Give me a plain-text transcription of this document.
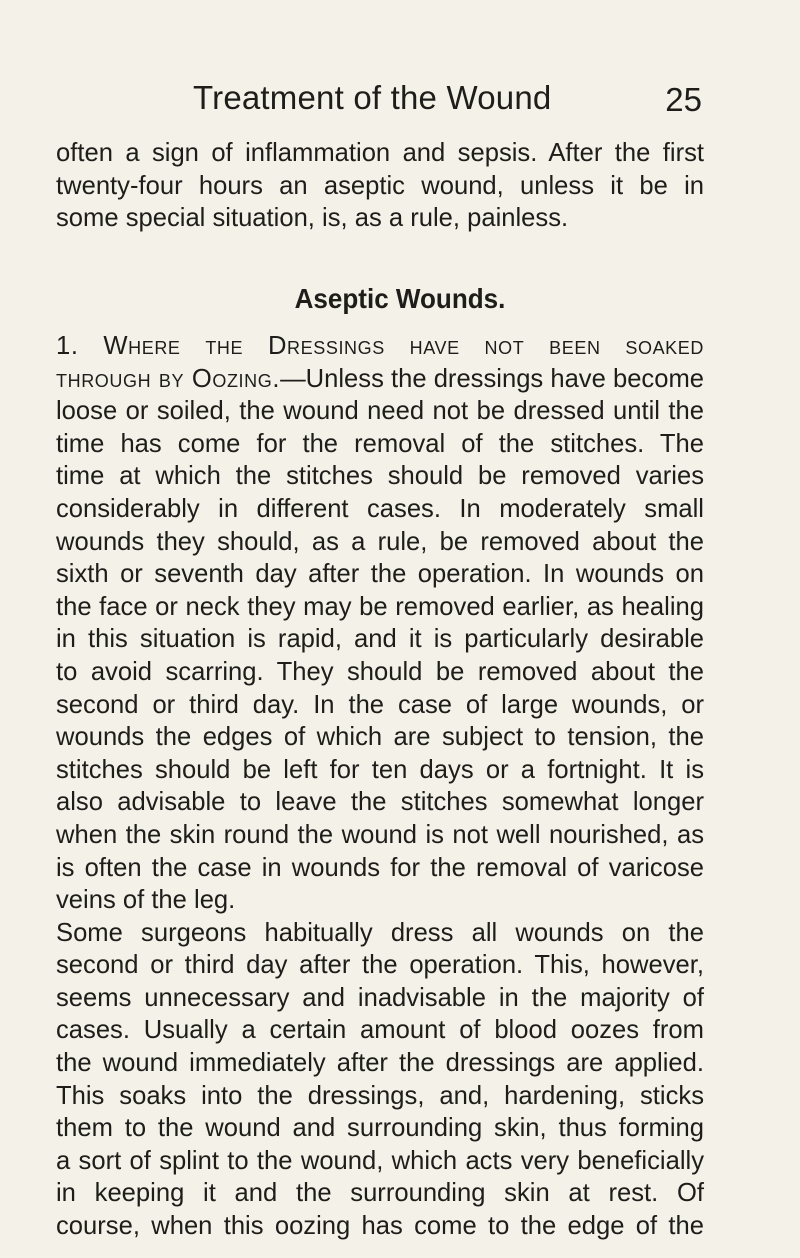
Treatment of the Wound	25
often a sign of inflammation and sepsis. After the first
twenty-four hours an aseptic wound, unless it be in
some special situation, is, as a rule, painless.
Aseptic Wounds.
1. Where the Dressings have not been soaked
through by Oozing.—Unless the dressings have become
loose or soiled, the wound need not be dressed until the
time has come for the removal of the stitches. The
time at which the stitches should be removed varies
considerably in different cases. In moderately small
wounds they should, as a rule, be removed about the
sixth or seventh day after the operation. In wounds on
the face or neck they may be removed earlier, as healing
in this situation is rapid, and it is particularly desirable
to avoid scarring. They should be removed about the
second or third day. In the case of large wounds, or
wounds the edges of which are subject to tension, the
stitches should be left for ten days or a fortnight. It is
also advisable to leave the stitches somewhat longer
when the skin round the wound is not well nourished, as
is often the case in wounds for the removal of varicose
veins of the leg.
Some surgeons habitually dress all wounds on the
second or third day after the operation. This, however,
seems unnecessary and inadvisable in the majority of
cases. Usually a certain amount of blood oozes from
the wound immediately after the dressings are applied.
This soaks into the dressings, and, hardening, sticks
them to the wound and surrounding skin, thus forming
a sort of splint to the wound, which acts very beneficially
in keeping it and the surrounding skin at rest. Of
course, when this oozing has come to the edge of the
